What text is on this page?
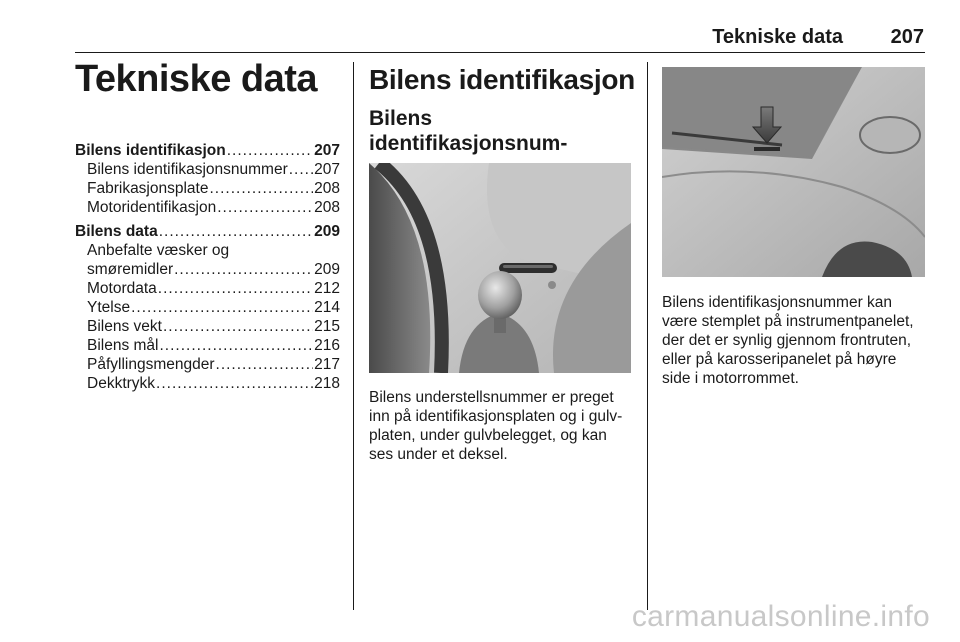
Tekniske data 207
Tekniske data
Bilens identifikasjon .....	207
Bilens identifikasjonsnummer ..... 207
Fabrikasjonsplate .....	208
Motoridentifikasjon .....	208
Bilens data .....	209
Anbefalte væsker og
smøremidler .....	209
Motordata .....	212
Ytelse .....	214
Bilens vekt .....	215
Bilens mål .....	216
Påfyllingsmengder .....	217
Dekktrykk .....	218
Bilens identifikasjon
Bilens identifikasjonsnum-
Bilens understellsnummer er preget
inn på identifikasjonsplaten og i gulv-
platen, under gulvbelegget, og kan
ses under et deksel.
Bilens identifikasjonsnummer kan
være stemplet på instrumentpanelet,
der det er synlig gjennom frontruten,
eller på karosseripanelet på høyre
side i motorrommet.
carmanualsonline.info
